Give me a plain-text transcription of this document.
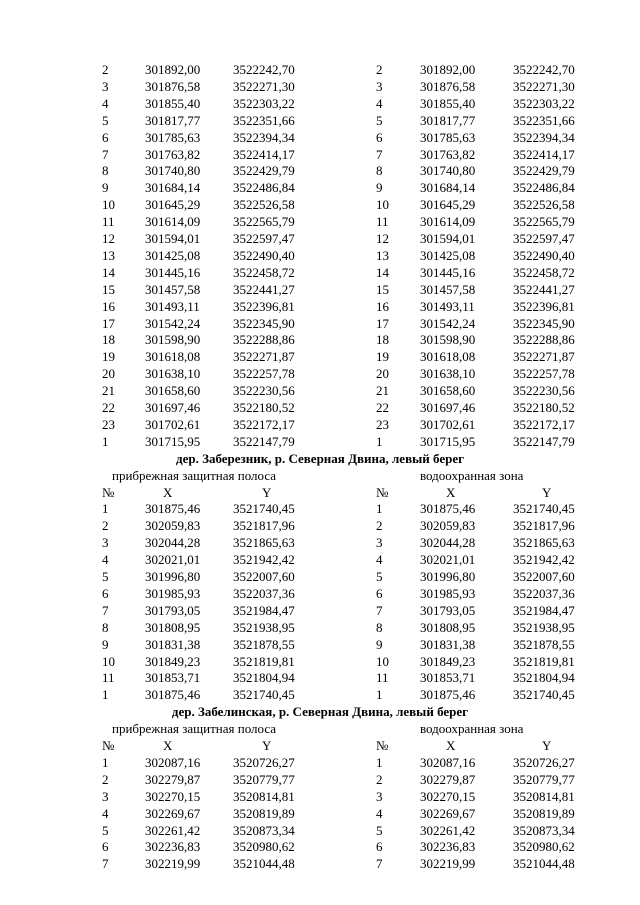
2	301892,00	3522242,70	2	301892,00	3522242,70
3	301876,58	3522271,30	3	301876,58	3522271,30
4	301855,40	3522303,22	4	301855,40	3522303,22
5	301817,77	3522351,66	5	301817,77	3522351,66
6	301785,63	3522394,34	6	301785,63	3522394,34
7	301763,82	3522414,17	7	301763,82	3522414,17
8	301740,80	3522429,79	8	301740,80	3522429,79
9	301684,14	3522486,84	9	301684,14	3522486,84
10 301645,29	3522526,58	10 301645,29	3522526,58
11 301614,09	3522565,79	11 301614,09	3522565,79
12 301594,01	3522597,47	12 301594,01	3522597,47
13 301425,08	3522490,40	13 301425,08	3522490,40
14 301445,16	3522458,72	14 301445,16	3522458,72
15 301457,58	3522441,27	15 301457,58	3522441,27
16 301493,11	3522396,81	16 301493,11	3522396,81
17 301542,24	3522345,90	17 301542,24	3522345,90
18 301598,90	3522288,86	18 301598,90	3522288,86
19 301618,08	3522271,87	19 301618,08	3522271,87
20 301638,10	3522257,78	20 301638,10	3522257,78
21 301658,60	3522230,56	21 301658,60	3522230,56
22 301697,46	3522180,52	22 301697,46	3522180,52
23 301702,61	3522172,17	23 301702,61	3522172,17
1	301715,95	3522147,79	1	301715,95	3522147,79
дер. Заберезник, р. Северная Двина, левый берег
прибрежная защитная полоса	водоохранная зона
№	X	Y	№	X	Y
1	301875,46	3521740,45	1	301875,46	3521740,45
2	302059,83	3521817,96	2	302059,83	3521817,96
3	302044,28	3521865,63	3	302044,28	3521865,63
4	302021,01	3521942,42	4	302021,01	3521942,42
5	301996,80	3522007,60	5	301996,80	3522007,60
6	301985,93	3522037,36	6	301985,93	3522037,36
7	301793,05	3521984,47	7	301793,05	3521984,47
8	301808,95	3521938,95	8	301808,95	3521938,95
9	301831,38	3521878,55	9	301831,38	3521878,55
10 301849,23	3521819,81	10 301849,23	3521819,81
11 301853,71	3521804,94	11 301853,71	3521804,94
1	301875,46	3521740,45	1	301875,46	3521740,45
дер. Забелинская, р. Северная Двина, левый берег
прибрежная защитная полоса	водоохранная зона
№	X	Y	№	X	Y
1	302087,16	3520726,27	1	302087,16	3520726,27
2	302279,87	3520779,77	2	302279,87	3520779,77
3	302270,15	3520814,81	3	302270,15	3520814,81
4	302269,67	3520819,89	4	302269,67	3520819,89
5	302261,42	3520873,34	5	302261,42	3520873,34
6	302236,83	3520980,62	6	302236,83	3520980,62
7	302219,99	3521044,48	7	302219,99	3521044,48
